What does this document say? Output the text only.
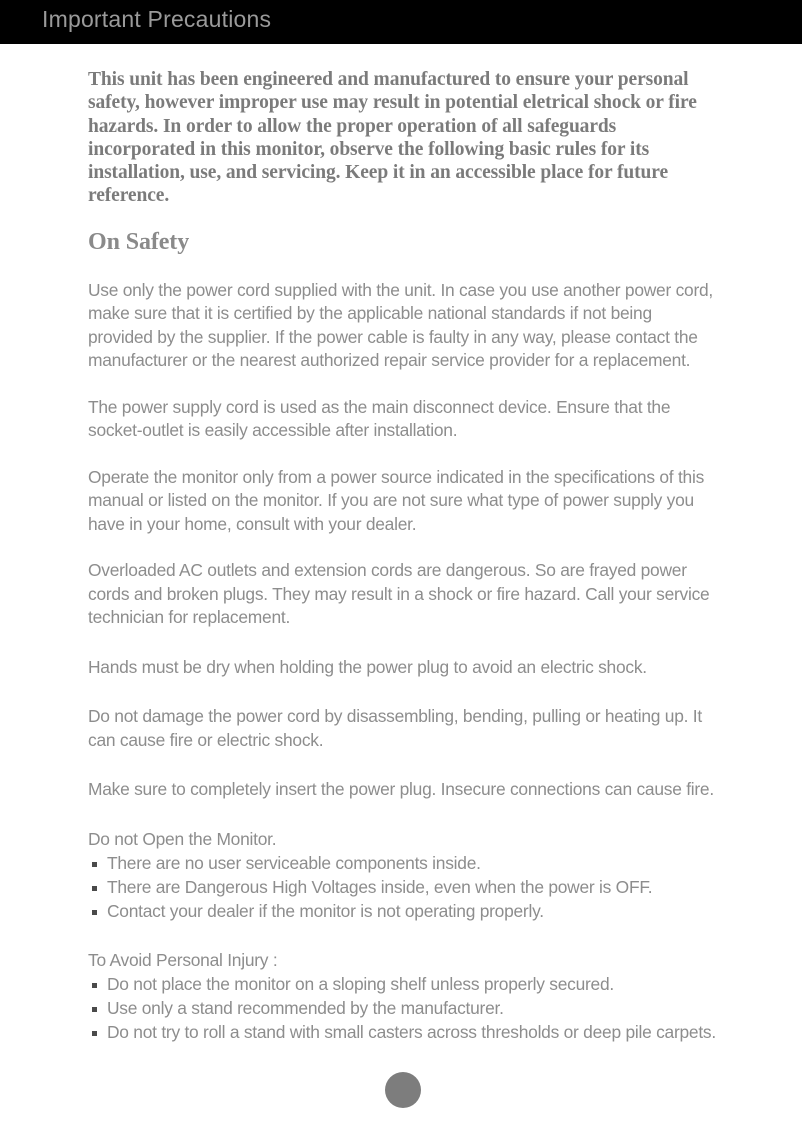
Important Precautions

This unit has been engineered and manufactured to ensure your personal safety, however improper use may result in potential eletrical shock or fire hazards. In order to allow the proper operation of all safeguards incorporated in this monitor, observe the following basic rules for its installation, use, and servicing. Keep it in an accessible place for future reference.

On Safety

Use only the power cord supplied with the unit. In case you use another power cord, make sure that it is certified by the applicable national standards if not being provided by the supplier. If the power cable is faulty in any way, please contact the manufacturer or the nearest authorized repair service provider for a replacement.

The power supply cord is used as the main disconnect device. Ensure that the socket-outlet is easily accessible after installation.

Operate the monitor only from a power source indicated in the specifications of this manual or listed on the monitor. If you are not sure what type of power supply you have in your home, consult with your dealer.

Overloaded AC outlets and extension cords are dangerous. So are frayed power cords and broken plugs. They may result in a shock or fire hazard. Call your service technician for replacement.

Hands must be dry when holding the power plug to avoid an electric shock.

Do not damage the power cord by disassembling, bending, pulling or heating up. It can cause fire or electric shock.

Make sure to completely insert the power plug. Insecure connections can cause fire.

Do not Open the Monitor.

There are no user serviceable components inside.
There are Dangerous High Voltages inside, even when the power is OFF.
Contact your dealer if the monitor is not operating properly.

To Avoid Personal Injury :

Do not place the monitor on a sloping shelf unless properly secured.
Use only a stand recommended by the manufacturer.
Do not try to roll a stand with small casters across thresholds or deep pile carpets.
